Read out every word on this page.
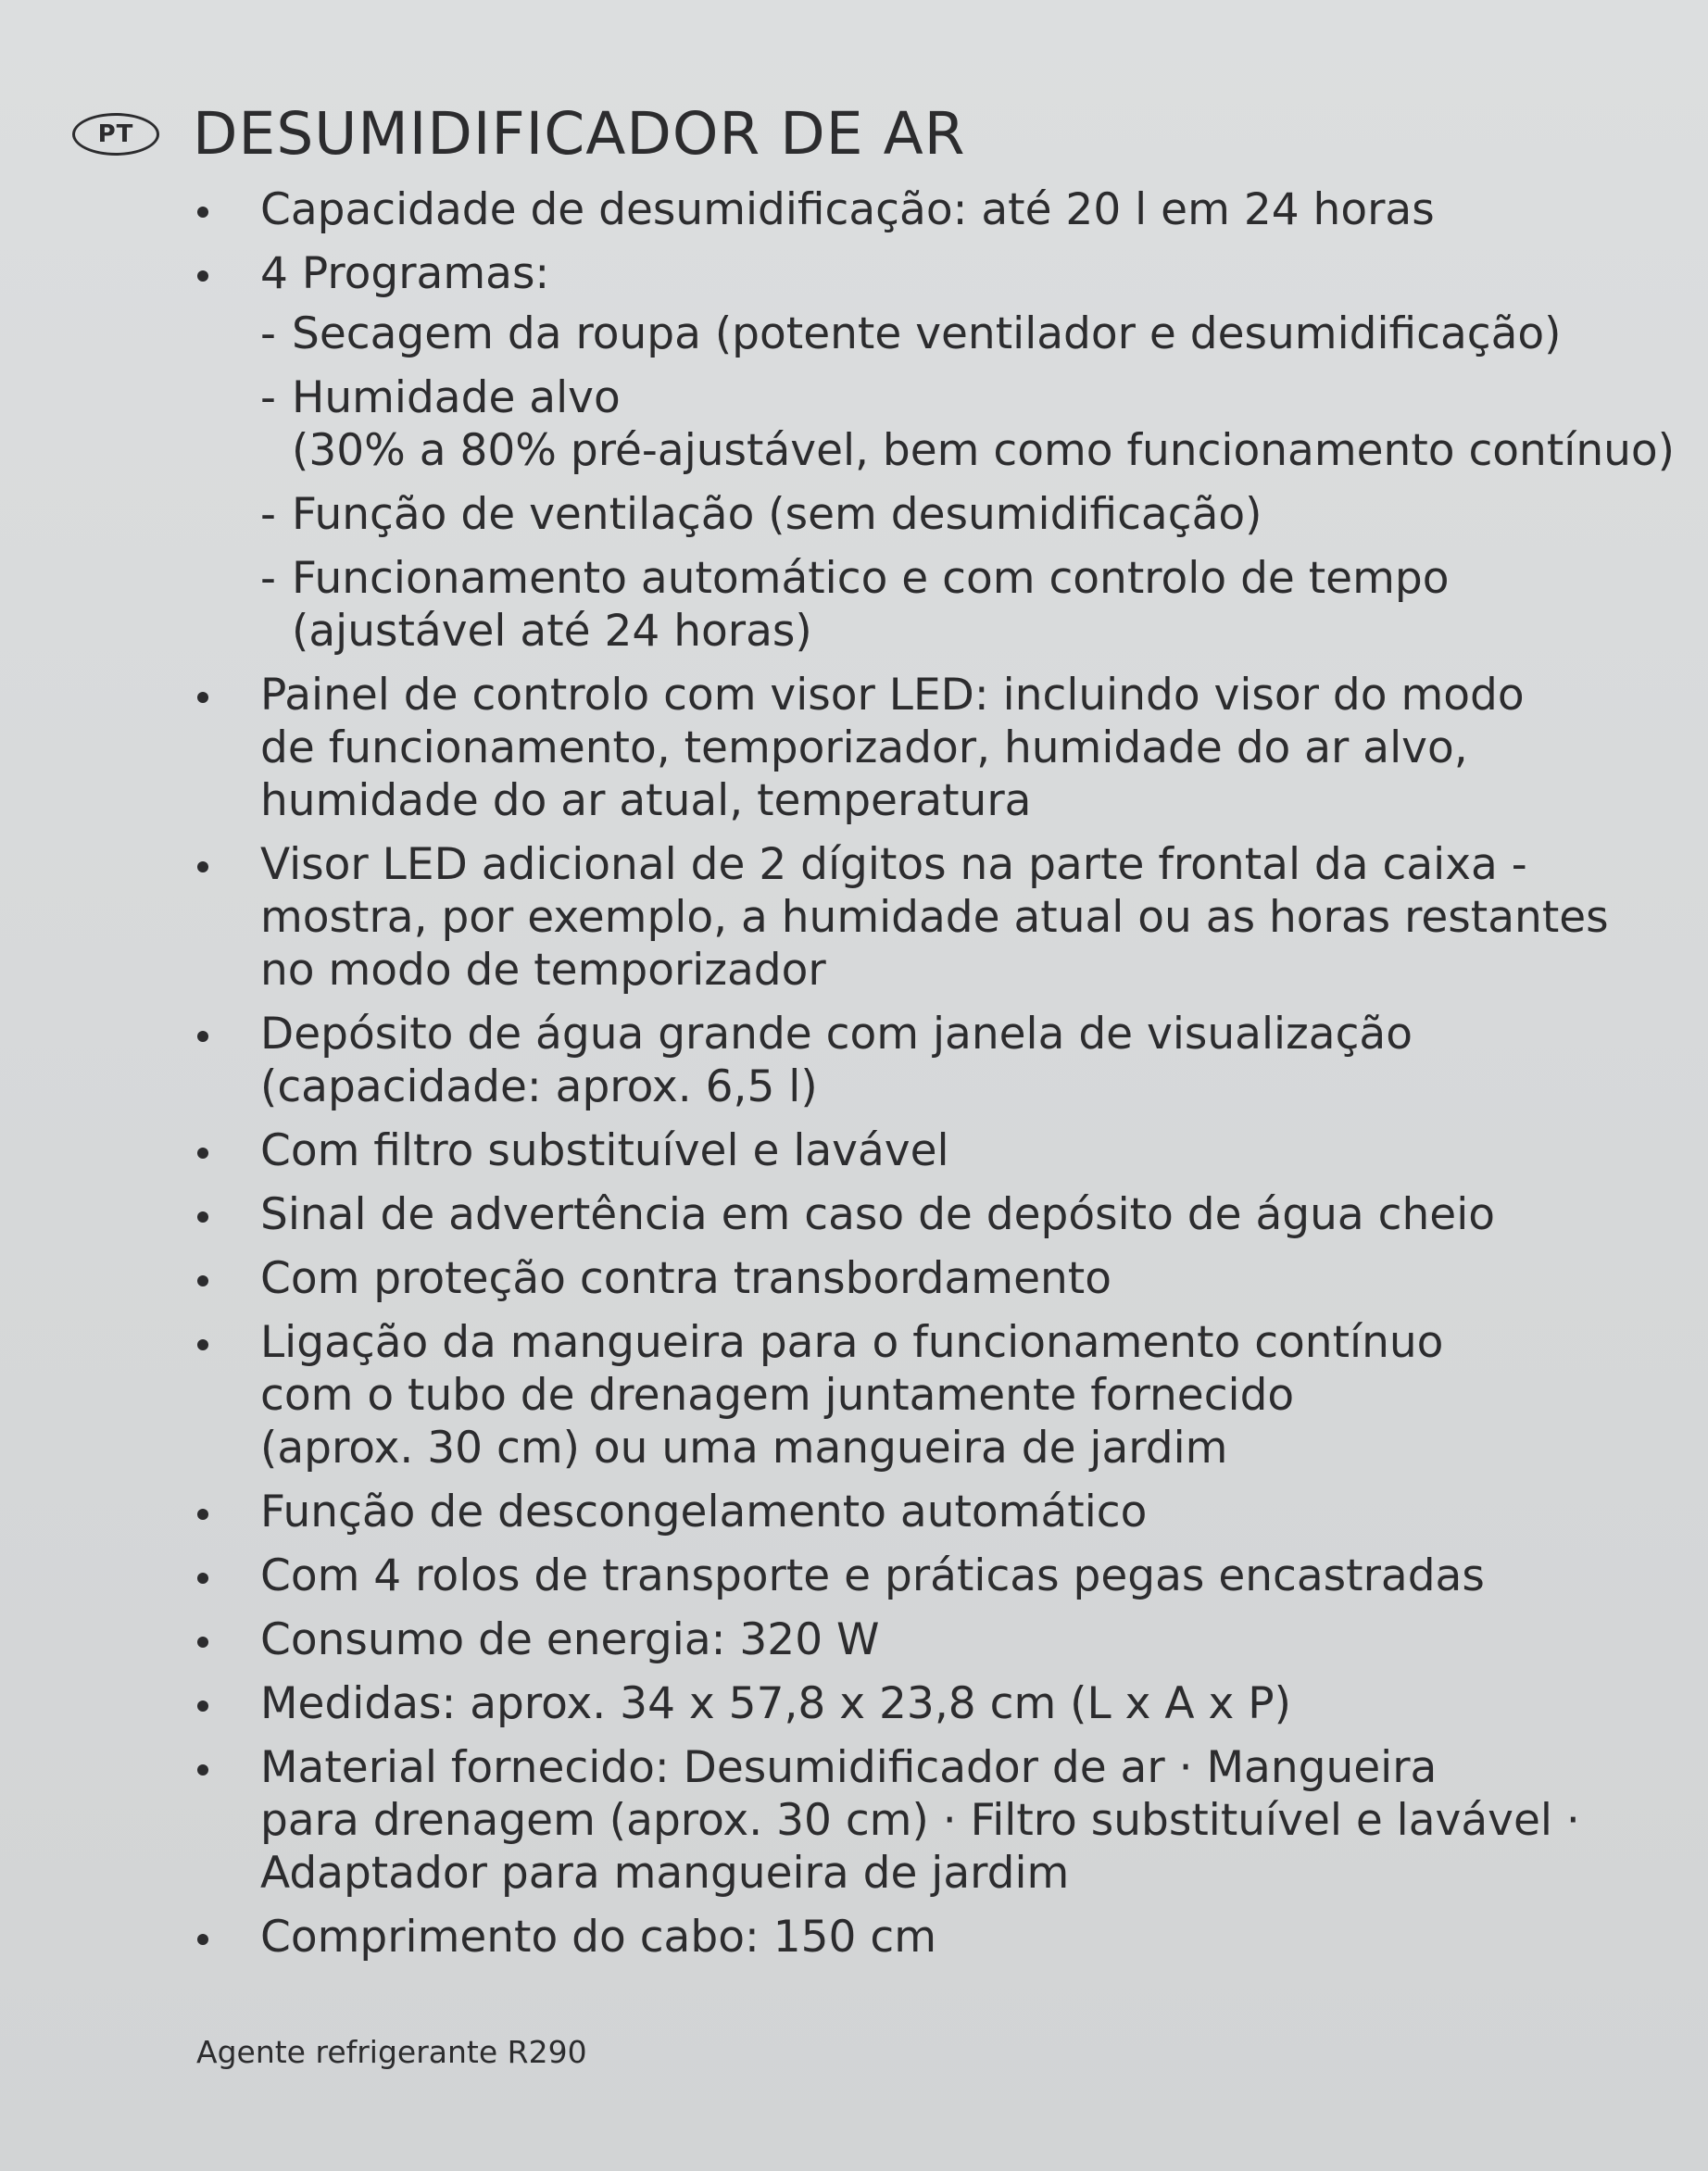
PT	DESUMIDIFICADOR DE AR
Capacidade de desumidificação: até 20 l em 24 horas
4 Programas:
- Secagem da roupa (potente ventilador e desumidificação)
- Humidade alvo
(30% a 80% pré-ajustável, bem como funcionamento contínuo)
- Função de ventilação (sem desumidificação)
- Funcionamento automático e com controlo de tempo
(ajustável até 24 horas)
Painel de controlo com visor LED: incluindo visor do modo
de funcionamento, temporizador, humidade do ar alvo,
humidade do ar atual, temperatura
Visor LED adicional de 2 dígitos na parte frontal da caixa -
mostra, por exemplo, a humidade atual ou as horas restantes
no modo de temporizador
Depósito de água grande com janela de visualização
(capacidade: aprox. 6,5 l)
Com filtro substituível e lavável
Sinal de advertência em caso de depósito de água cheio
Com proteção contra transbordamento
Ligação da mangueira para o funcionamento contínuo
com o tubo de drenagem juntamente fornecido
(aprox. 30 cm) ou uma mangueira de jardim
Função de descongelamento automático
Com 4 rolos de transporte e práticas pegas encastradas
Consumo de energia: 320 W
Medidas: aprox. 34 x 57,8 x 23,8 cm (L x A x P)
Material fornecido: Desumidificador de ar · Mangueira
para drenagem (aprox. 30 cm) · Filtro substituível e lavável ·
Adaptador para mangueira de jardim
Comprimento do cabo: 150 cm

Agente refrigerante R290
